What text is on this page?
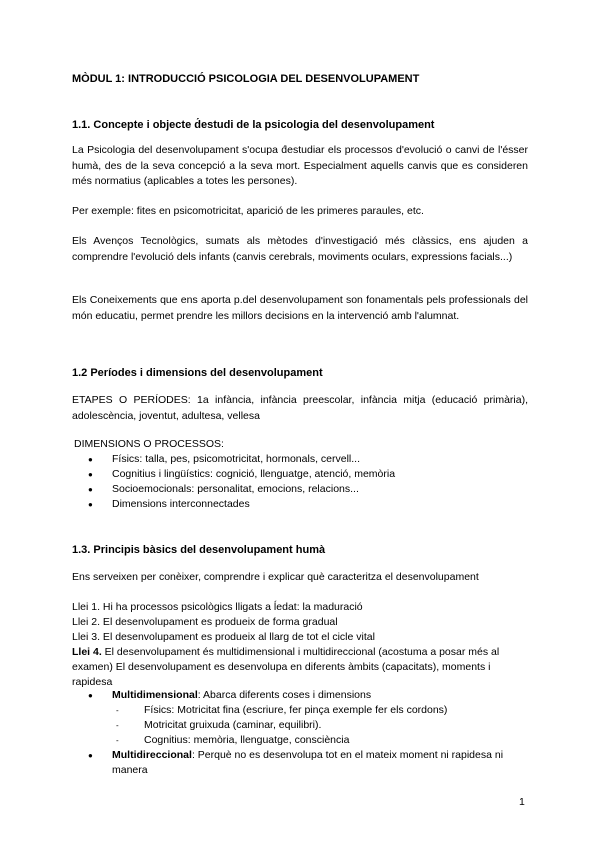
MÒDUL 1: INTRODUCCIÓ PSICOLOGIA DEL DESENVOLUPAMENT

1.1. Concepte i objecte d́estudi de la psicologia del desenvolupament

La Psicologia del desenvolupament s'ocupa d́estudiar els processos d'evolució o canvi de l'ésser humà, des de la seva concepció a la seva mort. Especialment aquells canvis que es consideren més normatius (aplicables a totes les persones).

Per exemple: fites en psicomotricitat, aparició de les primeres paraules, etc.

Els Avenços Tecnològics, sumats als mètodes d'investigació més clàssics, ens ajuden a comprendre l'evolució dels infants (canvis cerebrals, moviments oculars, expressions facials...)

Els Coneixements que ens aporta p.del desenvolupament son fonamentals pels professionals del món educatiu, permet prendre les millors decisions en la intervenció amb l'alumnat.

1.2 Períodes i dimensions del desenvolupament

ETAPES O PERÍODES: 1a infància, infància preescolar, infància mitja (educació primària), adolescència, joventut, adultesa, vellesa

DIMENSIONS O PROCESSOS:

● Físics: talla, pes, psicomotricitat, hormonals, cervell...
● Cognitius i lingüístics: cognició, llenguatge, atenció, memòria
● Socioemocionals: personalitat, emocions, relacions...
● Dimensions interconnectades

1.3. Principis bàsics del desenvolupament humà

Ens serveixen per conèixer, comprendre i explicar què caracteritza el desenvolupament

Llei 1. Hi ha processos psicològics lligats a ĺedat: la maduració
Llei 2. El desenvolupament es produeix de forma gradual
Llei 3. El desenvolupament es produeix al llarg de tot el cicle vital
Llei 4. El desenvolupament és multidimensional i multidireccional (acostuma a posar més al examen) El desenvolupament es desenvolupa en diferents àmbits (capacitats), moments i rapidesa
● Multidimensional: Abarca diferents coses i dimensions
- Físics: Motricitat fina (escriure, fer pinça exemple fer els cordons)
- Motricitat gruixuda (caminar, equilibri).
- Cognitius: memòria, llenguatge, consciència
● Multidireccional: Perquè no es desenvolupa tot en el mateix moment ni rapidesa ni manera
1
